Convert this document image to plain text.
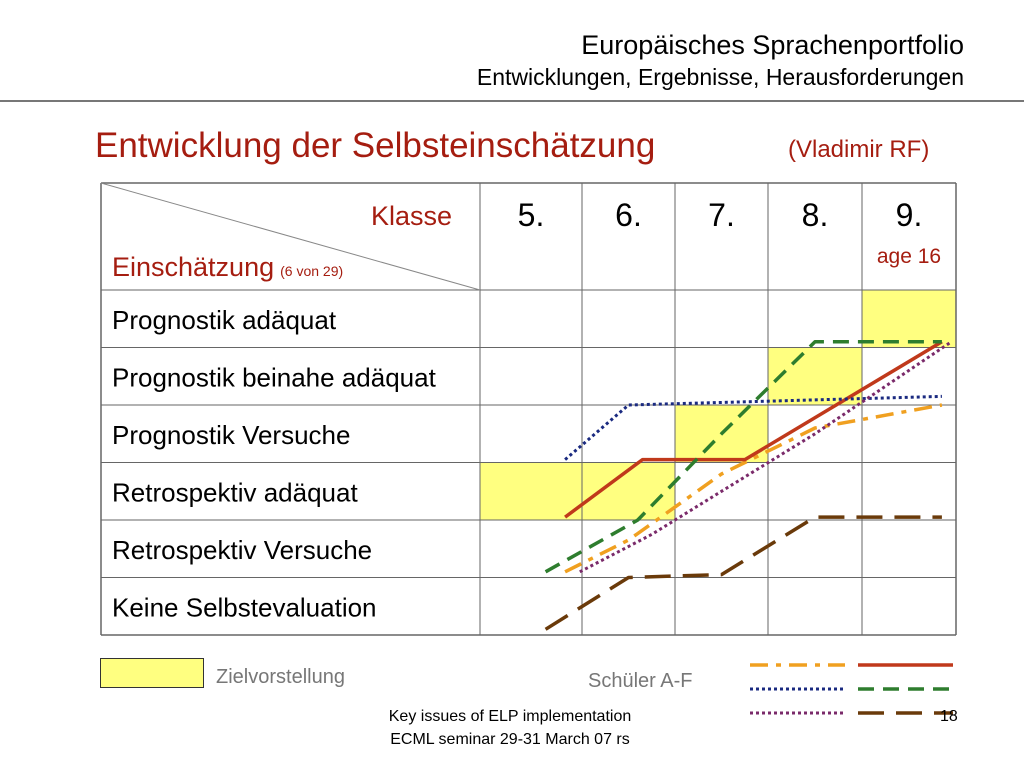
Europäisches Sprachenportfolio
Entwicklungen, Ergebnisse, Herausforderungen
Entwicklung der Selbsteinschätzung	(Vladimir RF)
Klasse
Einschätzung (6 von 29)
5. 6. 7. 8. 9.
age 16
Prognostik adäquat
Prognostik beinahe adäquat
Prognostik Versuche
Retrospektiv adäquat
Retrospektiv Versuche
Keine Selbstevaluation
Zielvorstellung	Schüler A-F
Key issues of ELP implementation
ECML seminar 29-31 March 07 rs
18
